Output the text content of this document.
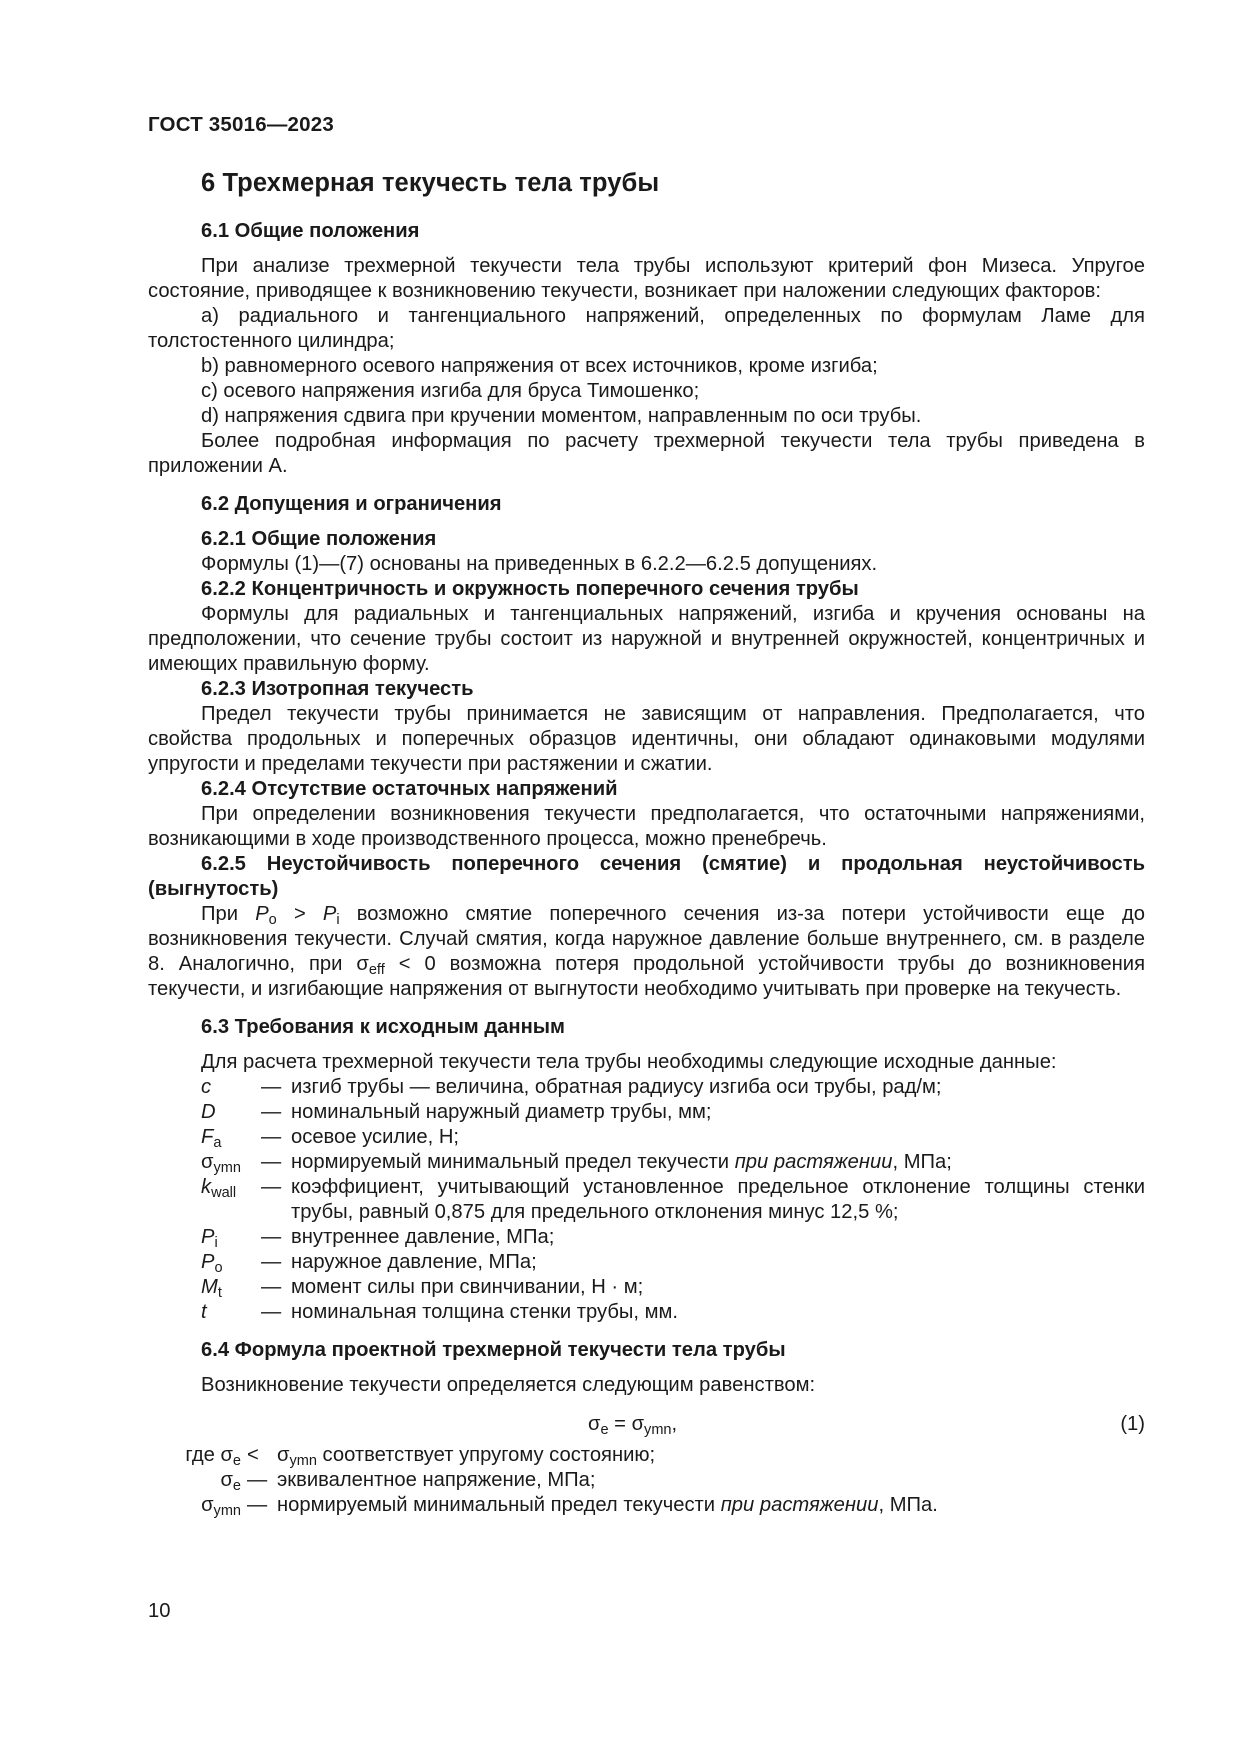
ГОСТ 35016—2023
6 Трехмерная текучесть тела трубы
6.1 Общие положения

При анализе трехмерной текучести тела трубы используют критерий фон Мизеса. Упругое состояние, приводящее к возникновению текучести, возникает при наложении следующих факторов:

а) радиального и тангенциального напряжений, определенных по формулам Ламе для толстостенного цилиндра;

b) равномерного осевого напряжения от всех источников, кроме изгиба;

c) осевого напряжения изгиба для бруса Тимошенко;

d) напряжения сдвига при кручении моментом, направленным по оси трубы.

Более подробная информация по расчету трехмерной текучести тела трубы приведена в приложении А.

6.2 Допущения и ограничения

6.2.1 Общие положения

Формулы (1)—(7) основаны на приведенных в 6.2.2—6.2.5 допущениях.

6.2.2 Концентричность и окружность поперечного сечения трубы

Формулы для радиальных и тангенциальных напряжений, изгиба и кручения основаны на предположении, что сечение трубы состоит из наружной и внутренней окружностей, концентричных и имеющих правильную форму.

6.2.3 Изотропная текучесть

Предел текучести трубы принимается не зависящим от направления. Предполагается, что свойства продольных и поперечных образцов идентичны, они обладают одинаковыми модулями упругости и пределами текучести при растяжении и сжатии.

6.2.4 Отсутствие остаточных напряжений

При определении возникновения текучести предполагается, что остаточными напряжениями, возникающими в ходе производственного процесса, можно пренебречь.

6.2.5 Неустойчивость поперечного сечения (смятие) и продольная неустойчивость (выгнутость)

При $P_o > P_i$ возможно смятие поперечного сечения из-за потери устойчивости еще до возникновения текучести. Случай смятия, когда наружное давление больше внутреннего, см. в разделе 8. Аналогично, при $\sigma_{eff} < 0$ возможна потеря продольной устойчивости трубы до возникновения текучести, и изгибающие напряжения от выгнутости необходимо учитывать при проверке на текучесть.

6.3 Требования к исходным данным

Для расчета трехмерной текучести тела трубы необходимы следующие исходные данные:

c	— изгиб трубы — величина, обратная радиусу изгиба оси трубы, рад/м;
D	— номинальный наружный диаметр трубы, мм;
$F_a$	— осевое усилие, Н;
$\sigma_{ymn}$ — нормируемый минимальный предел текучести при растяжении, МПа;
$k_{wall}$	— коэффициент, учитывающий установленное предельное отклонение толщины стенки трубы, равный 0,875 для предельного отклонения минус 12,5 %;
$P_i$	— внутреннее давление, МПа;
$P_o$	— наружное давление, МПа;
$M_t$	— момент силы при свинчивании, Н · м;
t	— номинальная толщина стенки трубы, мм.
6.4 Формула проектной трехмерной текучести тела трубы

Возникновение текучести определяется следующим равенством:

$\sigma_e = \sigma_{ymn}$,	(1)
где $\sigma_e < \sigma_{ymn}$ соответствует упругому состоянию;
$\sigma_e$ — эквивалентное напряжение, МПа;
$\sigma_{ymn}$ — нормируемый минимальный предел текучести при растяжении, МПа.
10
